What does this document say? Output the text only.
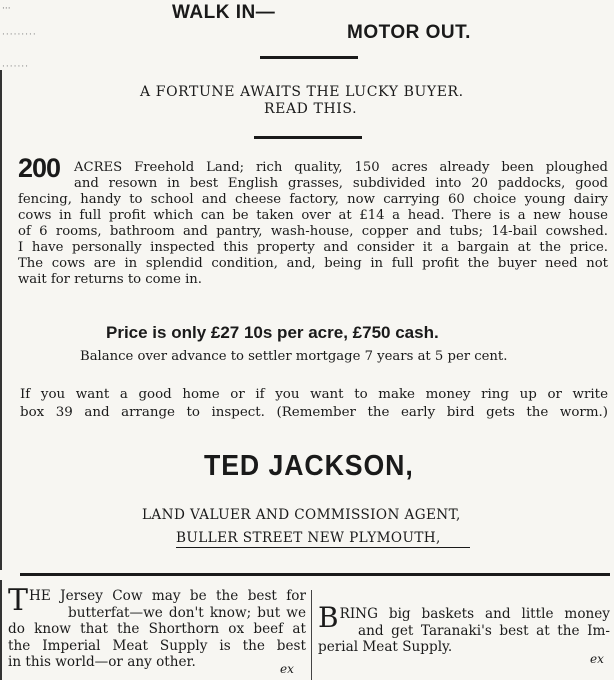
WALK IN—
MOTOR OUT.
···
·········
·······
A FORTUNE AWAITS THE LUCKY BUYER.
READ THIS.
200 ACRES Freehold Land; rich quality, 150 acres already been ploughed
and resown in best English grasses, subdivided into 20 paddocks, good
fencing, handy to school and cheese factory, now carrying 60 choice young dairy
cows in full profit which can be taken over at £14 a head. There is a new house
of 6 rooms, bathroom and pantry, wash-house, copper and tubs; 14-bail cowshed.
I have personally inspected this property and consider it a bargain at the price.
The cows are in splendid condition, and, being in full profit the buyer need not
wait for returns to come in.
Price is only £27 10s per acre, £750 cash.
Balance over advance to settler mortgage 7 years at 5 per cent.
If you want a good home or if you want to make money ring up or write
box 39 and arrange to inspect. (Remember the early bird gets the worm.)
TED JACKSON,
LAND VALUER AND COMMISSION AGENT,
BULLER STREET NEW PLYMOUTH,
T HE Jersey Cow may be the best for
butterfat—we don't know; but we
do know that the Shorthorn ox beef at
the Imperial Meat Supply is the best
in this world—or any other.	ex
B RING big baskets and little money
and get Taranaki's best at the Im-
perial Meat Supply.
ex
